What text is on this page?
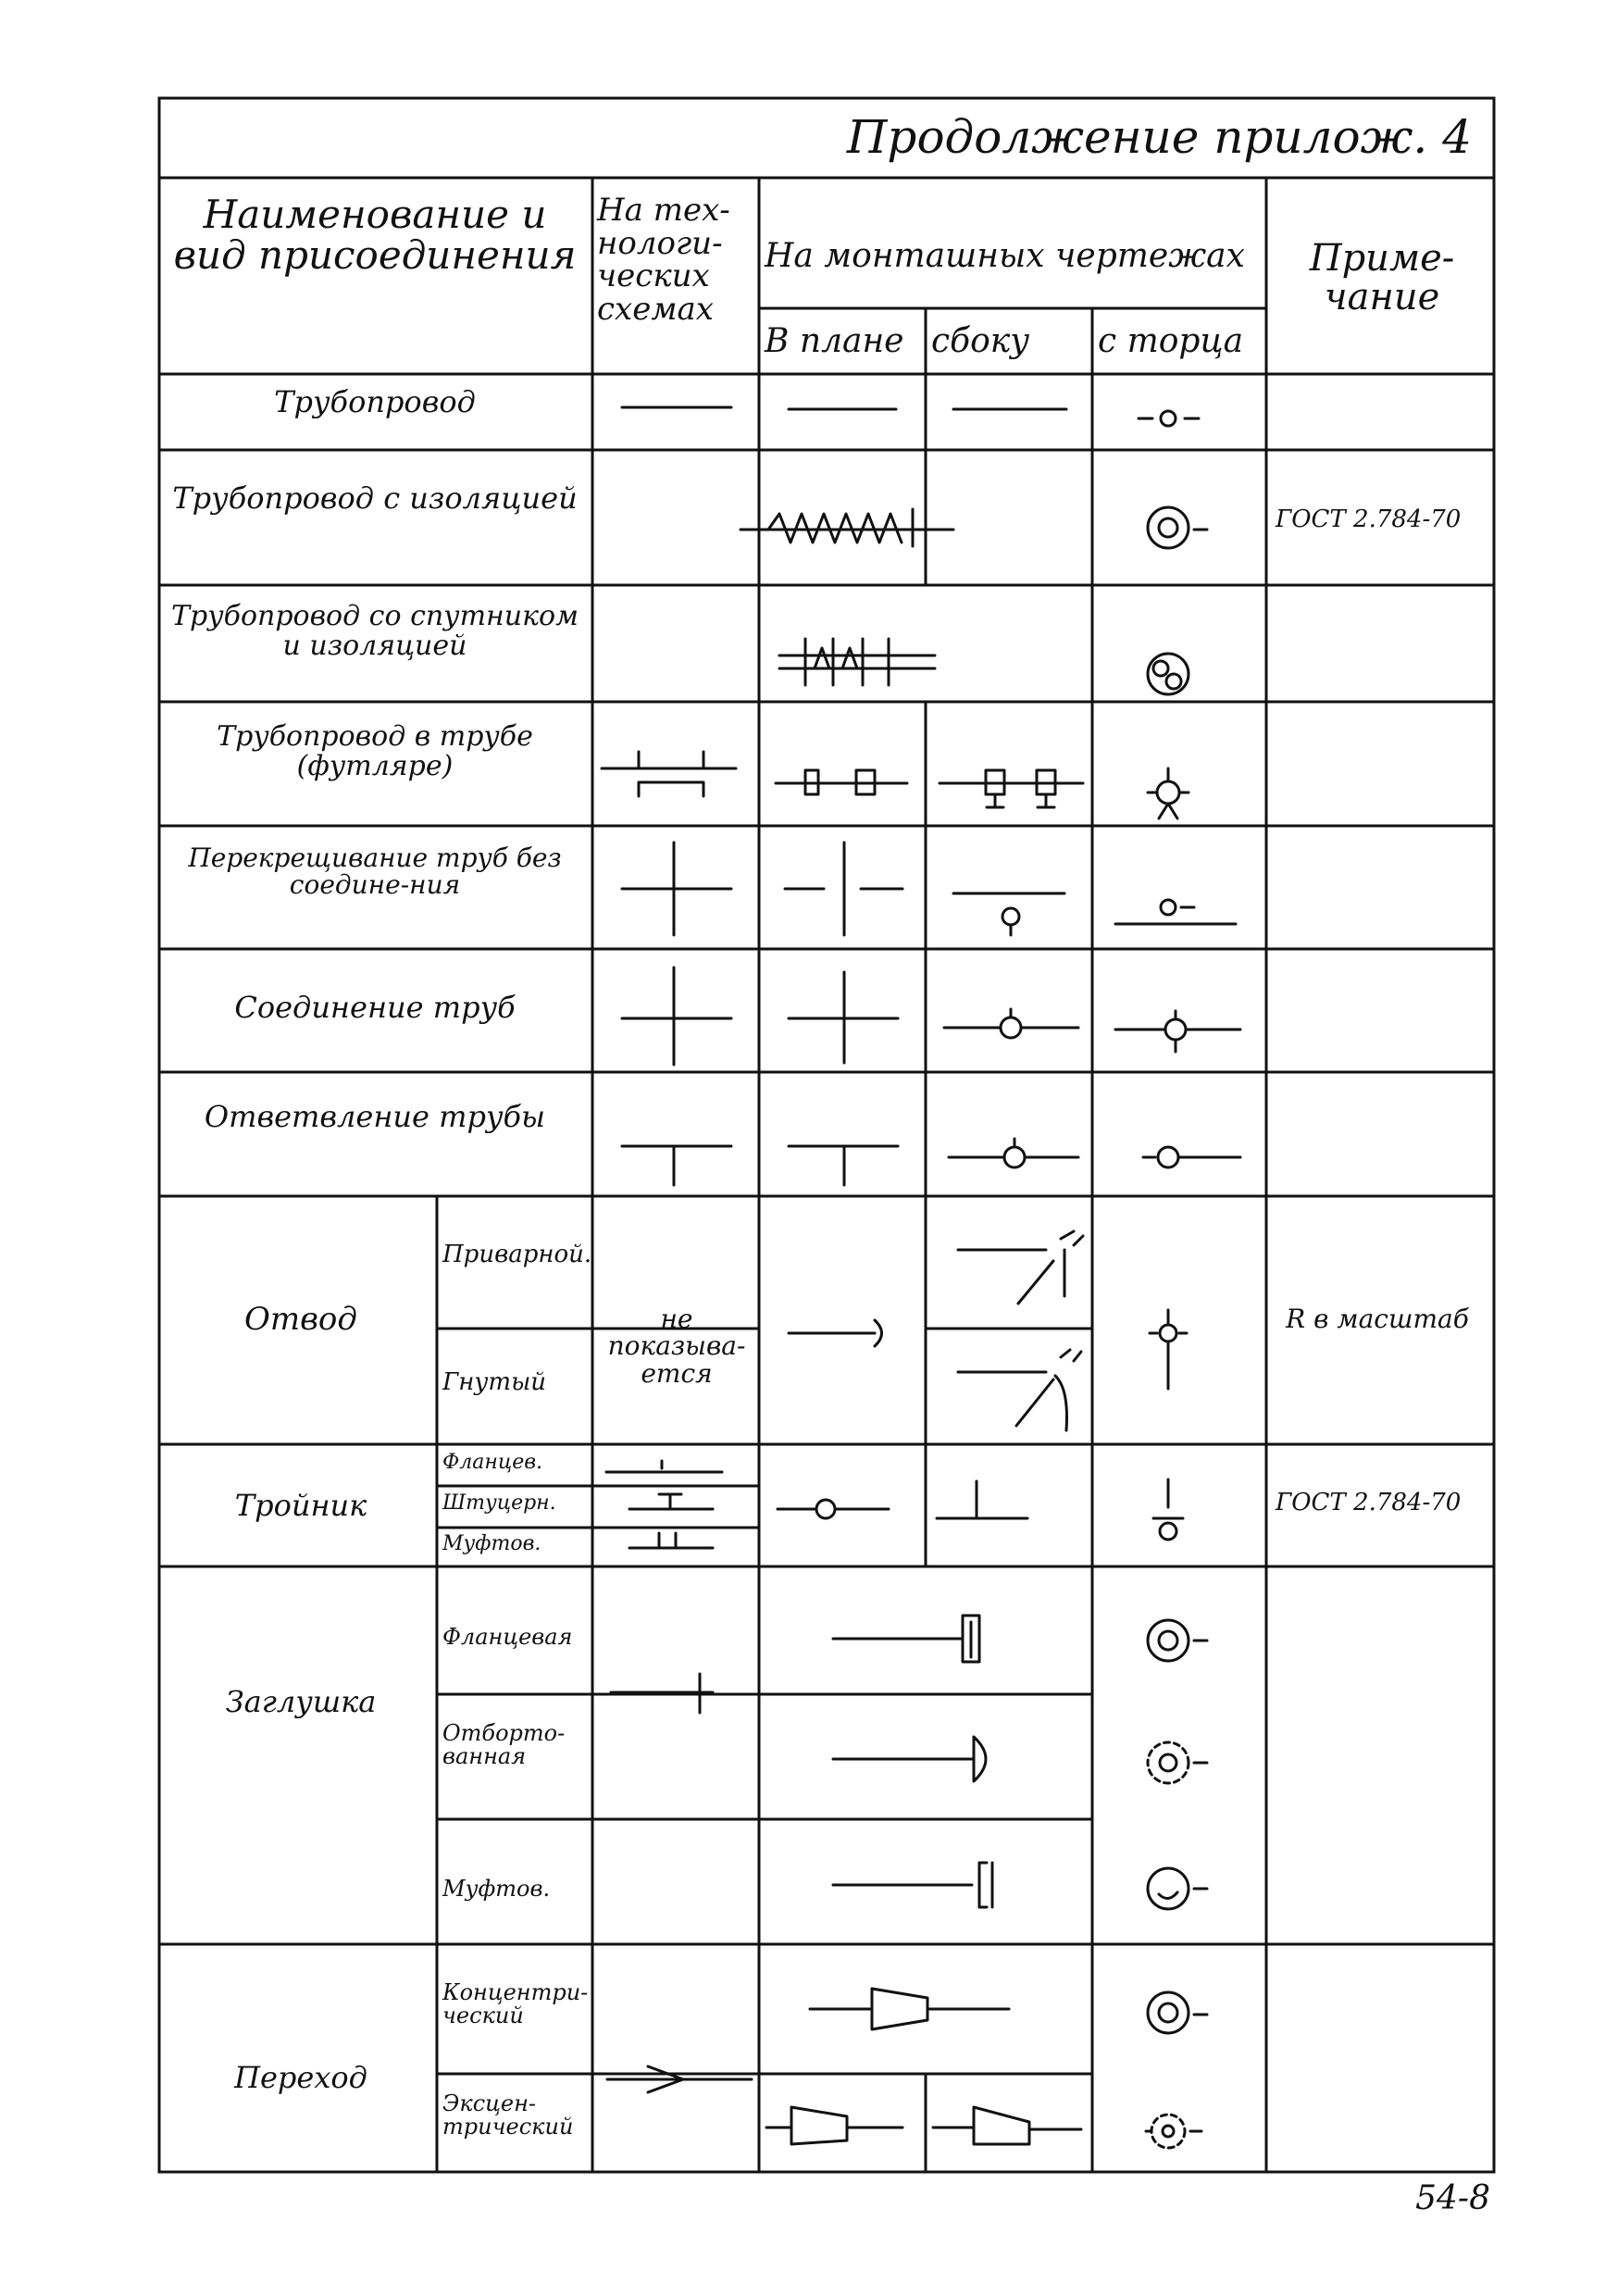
Продолжение прилож. 4
Наименование и вид присоединения
На тех-нологи-ческих схемах
На монташных чертежах
В плане сбоку	с торца
Приме-чание
Трубопровод
Трубопровод с изоляцией
ГОСТ 2.784-70
Трубопровод со спутником и изоляцией
Трубопровод в трубе (футляре)
Перекрещивание труб без соедине-ния
Соединение труб
Ответвление трубы
Отвод
Приварной.
Гнутый
не показыва-ется
R в масштаб
Тройник
Фланцев.
Штуцерн.
Муфтов.
ГОСТ 2.784-70
Заглушка
Фланцевая
Отборто-ванная
Муфтов.
Переход
Концентри-ческий
Эксцен-трический
54-8
